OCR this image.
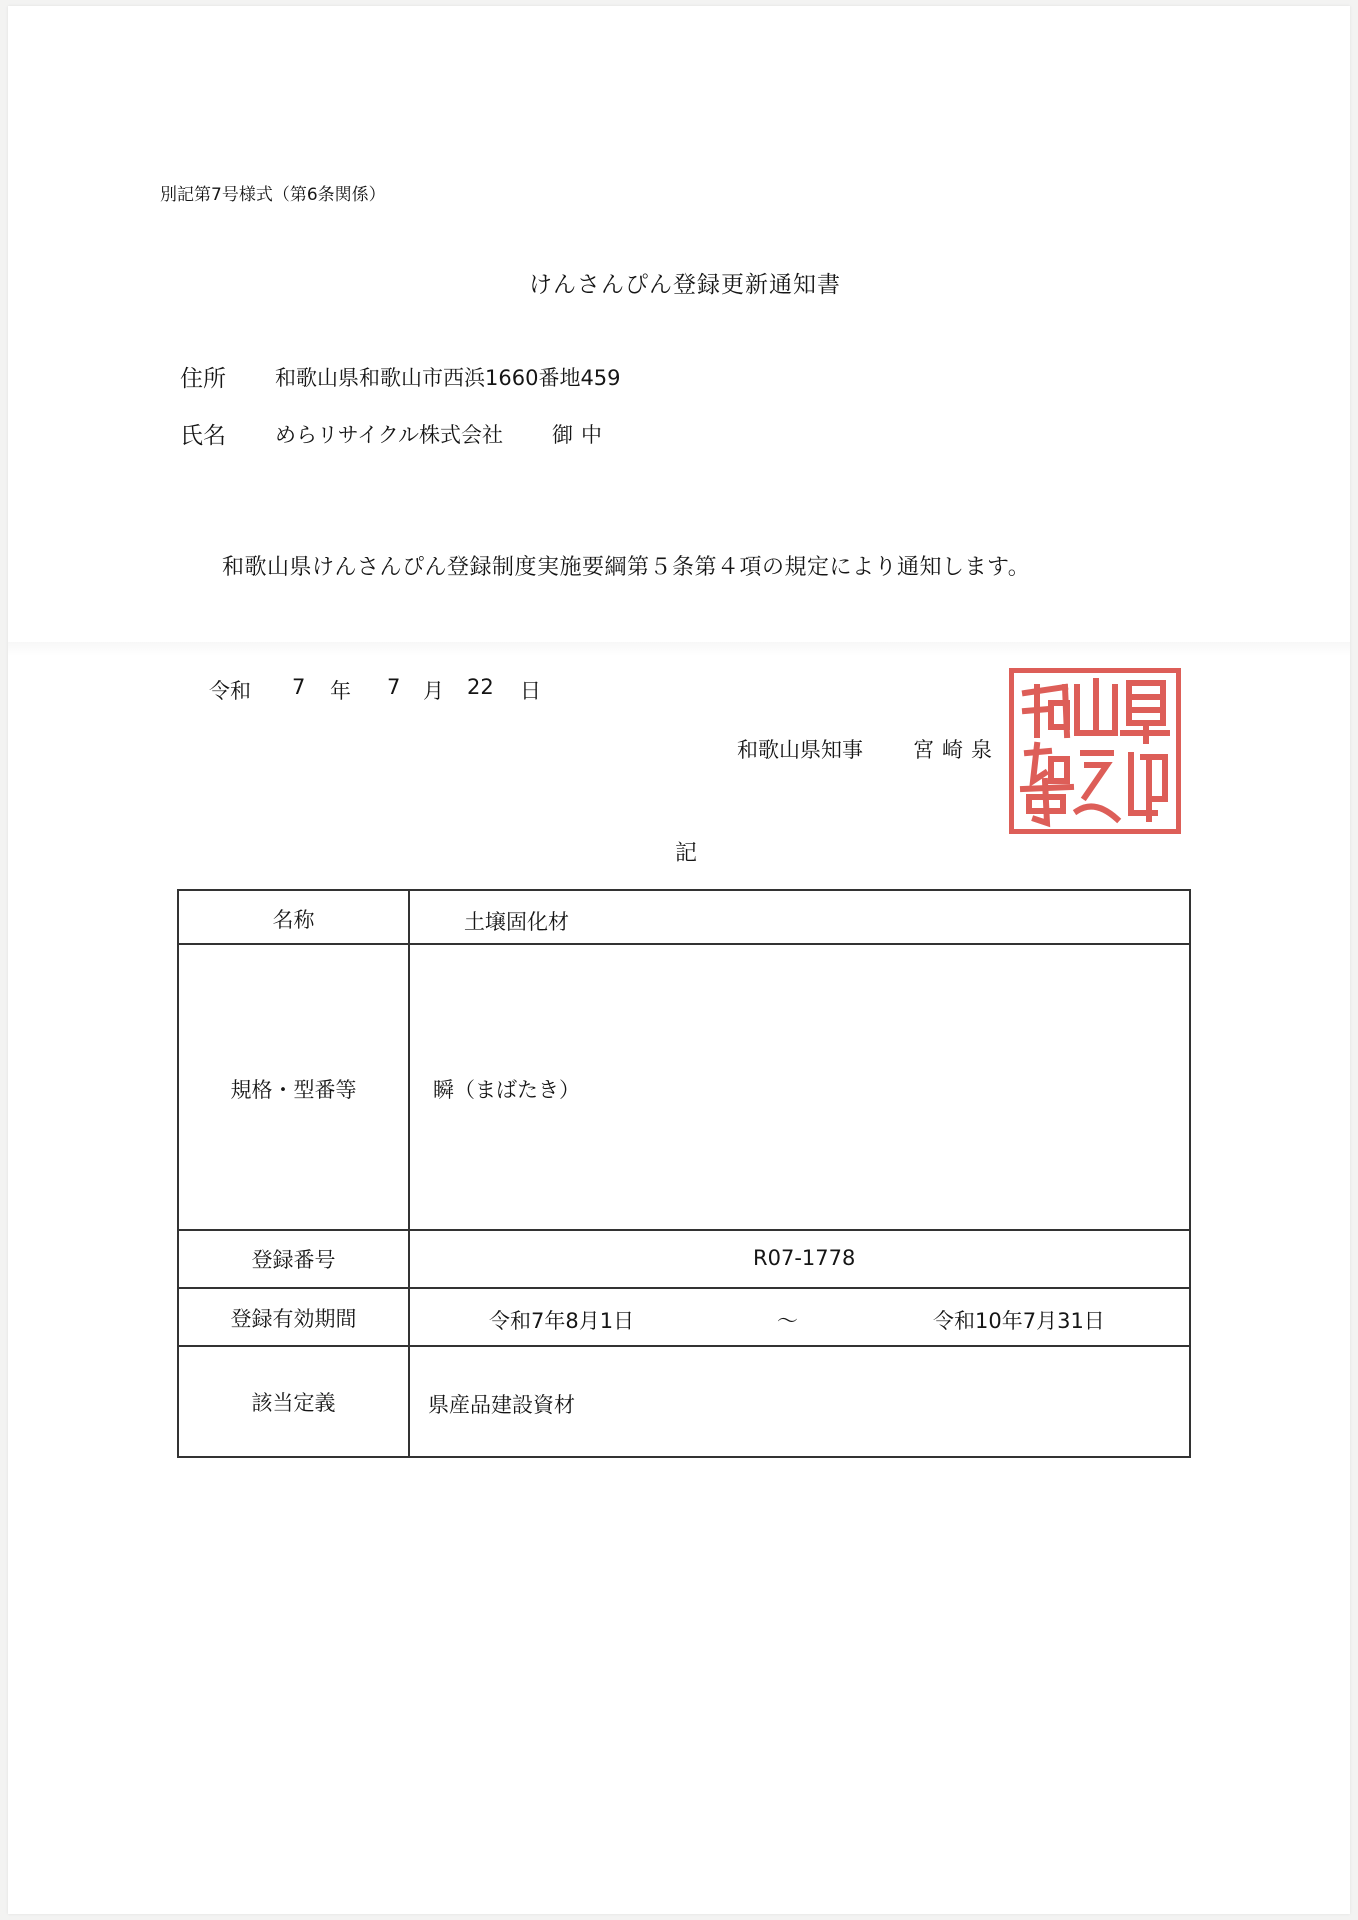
別記第7号様式（第6条関係）
けんさんぴん登録更新通知書
住所 和歌山県和歌山市西浜1660番地459
氏名 めらリサイクル株式会社 御中
和歌山県けんさんぴん登録制度実施要綱第５条第４項の規定により通知します。
令和 7 年 7 月 22 日
和歌山県知事 宮崎泉
記
名称	土壌固化材
規格・型番等	瞬（まばたき）
登録番号	R07-1778
登録有効期間	令和7年8月1日	～	令和10年7月31日
該当定義	県産品建設資材
